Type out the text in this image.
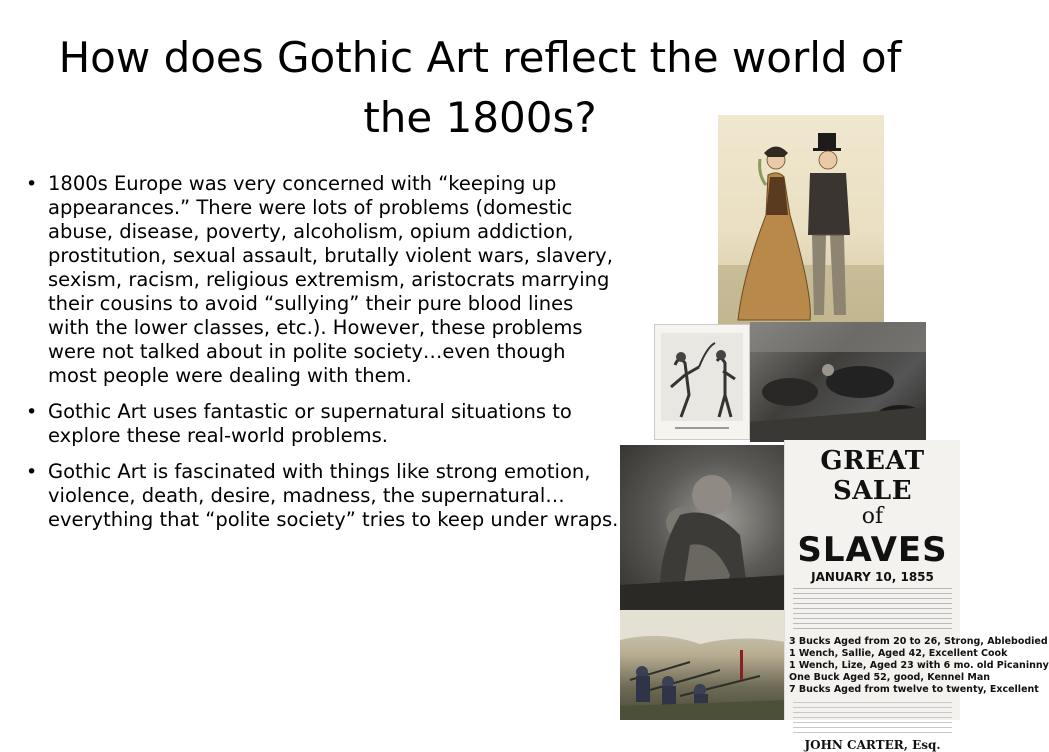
How does Gothic Art reflect the world of the 1800s?
• 1800s Europe was very concerned with “keeping up appearances.” There were lots of problems (domestic abuse, disease, poverty, alcoholism, opium addiction, prostitution, sexual assault, brutally violent wars, slavery, sexism, racism, religious extremism, aristocrats marrying their cousins to avoid “sullying” their pure blood lines with the lower classes, etc.). However, these problems were not talked about in polite society…even though most people were dealing with them.
• Gothic Art uses fantastic or supernatural situations to explore these real-world problems.
• Gothic Art is fascinated with things like strong emotion, violence, death, desire, madness, the supernatural…everything that “polite society” tries to keep under wraps.
GREAT SALE
of
SLAVES
JANUARY 10, 1855
3 Bucks Aged from 20 to 26, Strong, Ablebodied
1 Wench, Sallie, Aged 42, Excellent Cook
1 Wench, Lize, Aged 23 with 6 mo. old Picaninny
One Buck Aged 52, good, Kennel Man
7 Bucks Aged from twelve to twenty, Excellent
JOHN CARTER, Esq.
